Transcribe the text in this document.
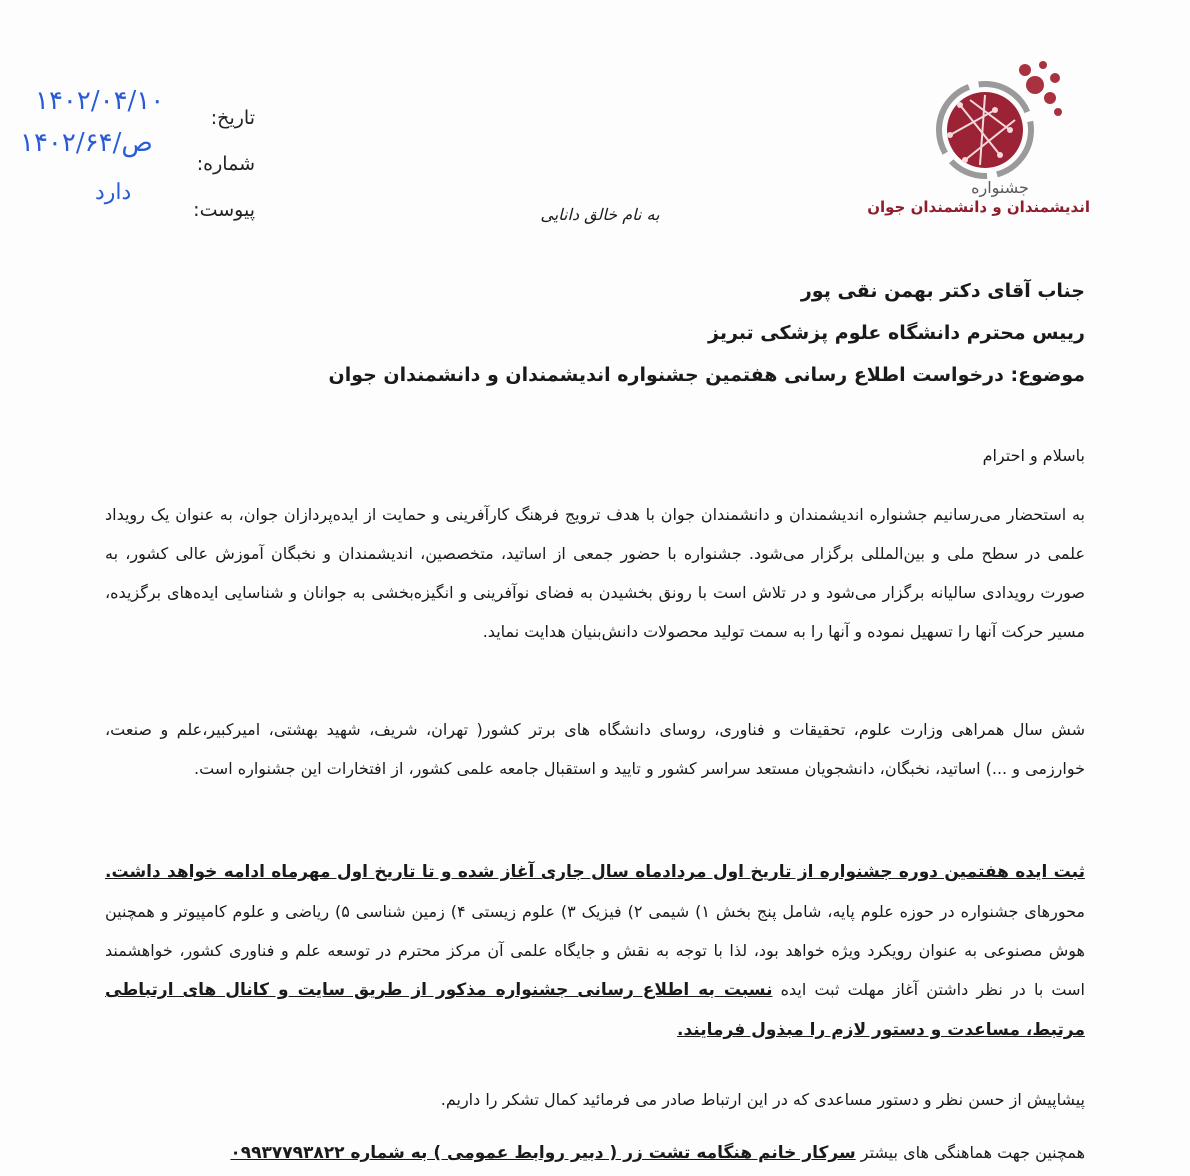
تاریخ:
شماره:
پیوست:
۱۴۰۲/۰۴/۱۰
۱۴۰۲/ص/۶۴
دارد	جشنواره
اندیشمندان و دانشمندان جوان
به نام خالق دانایی
جناب آقای دکتر بهمن نقی پور
رییس محترم دانشگاه علوم پزشکی تبریز
موضوع: درخواست اطلاع رسانی هفتمین جشنواره اندیشمندان و دانشمندان جوان
باسلام و احترام
به استحضار می‌رسانیم جشنواره اندیشمندان و دانشمندان جوان با هدف ترویج فرهنگ کارآفرینی و حمایت از ایده‌پردازان جوان، به عنوان یک رویداد علمی در سطح ملی و بین‌المللی برگزار می‌شود. جشنواره با حضور جمعی از اساتید، متخصصین، اندیشمندان و نخبگان آموزش عالی کشور، به صورت رویدادی سالیانه برگزار می‌شود و در تلاش است با رونق بخشیدن به فضای نوآفرینی و انگیزه‌بخشی به جوانان و شناسایی ایده‌های برگزیده، مسیر حرکت آنها را تسهیل نموده و آنها را به سمت تولید محصولات دانش‌بنیان هدایت نماید.
شش سال همراهی وزارت علوم، تحقیقات و فناوری، روسای دانشگاه های برتر کشور( تهران، شریف، شهید بهشتی، امیرکبیر،علم و صنعت، خوارزمی و ...) اساتید، نخبگان، دانشجویان مستعد سراسر کشور و تایید و استقبال جامعه علمی کشور، از افتخارات این جشنواره است.
ثبت ایده هفتمین دوره جشنواره از تاریخ اول مردادماه سال جاری آغاز شده و تا تاریخ اول مهرماه ادامه خواهد داشت. محورهای جشنواره در حوزه علوم پایه، شامل پنج بخش ۱) شیمی ۲) فیزیک ۳) علوم زیستی ۴) زمین شناسی ۵) ریاضی و علوم کامپیوتر و همچنین هوش مصنوعی به عنوان رویکرد ویژه خواهد بود، لذا با توجه به نقش و جایگاه علمی آن مرکز محترم در توسعه علم و فناوری کشور، خواهشمند است با در نظر داشتن آغاز مهلت ثبت ایده نسبت به اطلاع رسانی جشنواره مذکور از طریق سایت و کانال های ارتباطی مرتبط، مساعدت و دستور لازم را مبذول فرمایند.
پیشاپیش از حسن نظر و دستور مساعدی که در این ارتباط صادر می فرمائید کمال تشکر را داریم.
همچنین جهت هماهنگی های بیشتر سرکار خانم هنگامه تشت زر ( دبیر روابط عمومی ) به شماره ۰۹۹۳۷۷۹۳۸۲۲
